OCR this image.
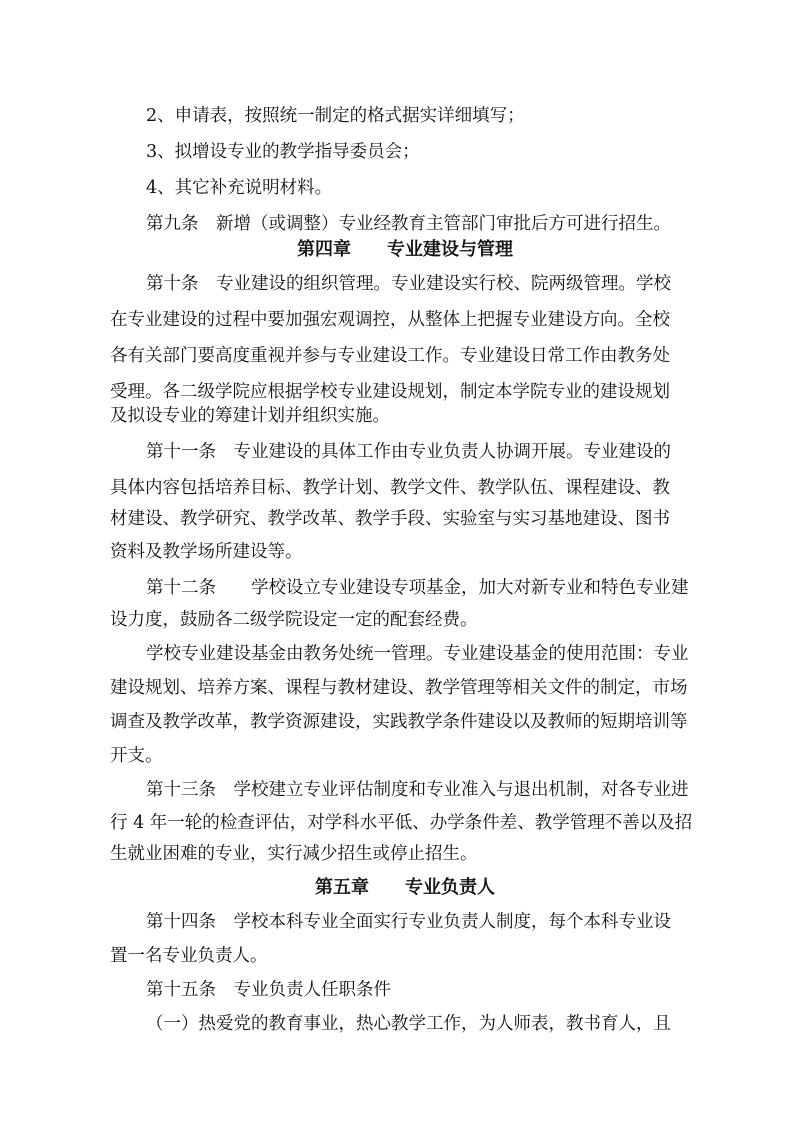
2、申请表，按照统一制定的格式据实详细填写；
3、拟增设专业的教学指导委员会；
4、其它补充说明材料。
第九条　新增（或调整）专业经教育主管部门审批后方可进行招生。
第四章　　专业建设与管理
第十条　专业建设的组织管理。专业建设实行校、院两级管理。学校
在专业建设的过程中要加强宏观调控，从整体上把握专业建设方向。全校
各有关部门要高度重视并参与专业建设工作。专业建设日常工作由教务处
受理。各二级学院应根据学校专业建设规划，制定本学院专业的建设规划
及拟设专业的筹建计划并组织实施。
第十一条　专业建设的具体工作由专业负责人协调开展。专业建设的
具体内容包括培养目标、教学计划、教学文件、教学队伍、课程建设、教
材建设、教学研究、教学改革、教学手段、实验室与实习基地建设、图书
资料及教学场所建设等。
第十二条　　学校设立专业建设专项基金，加大对新专业和特色专业建
设力度，鼓励各二级学院设定一定的配套经费。
学校专业建设基金由教务处统一管理。专业建设基金的使用范围：专业
建设规划、培养方案、课程与教材建设、教学管理等相关文件的制定，市场
调查及教学改革，教学资源建设，实践教学条件建设以及教师的短期培训等
开支。
第十三条　学校建立专业评估制度和专业准入与退出机制，对各专业进
行 4 年一轮的检查评估，对学科水平低、办学条件差、教学管理不善以及招
生就业困难的专业，实行减少招生或停止招生。
第五章　　专业负责人
第十四条　学校本科专业全面实行专业负责人制度，每个本科专业设
置一名专业负责人。
第十五条　专业负责人任职条件
（一）热爱党的教育事业，热心教学工作，为人师表，教书育人，且
